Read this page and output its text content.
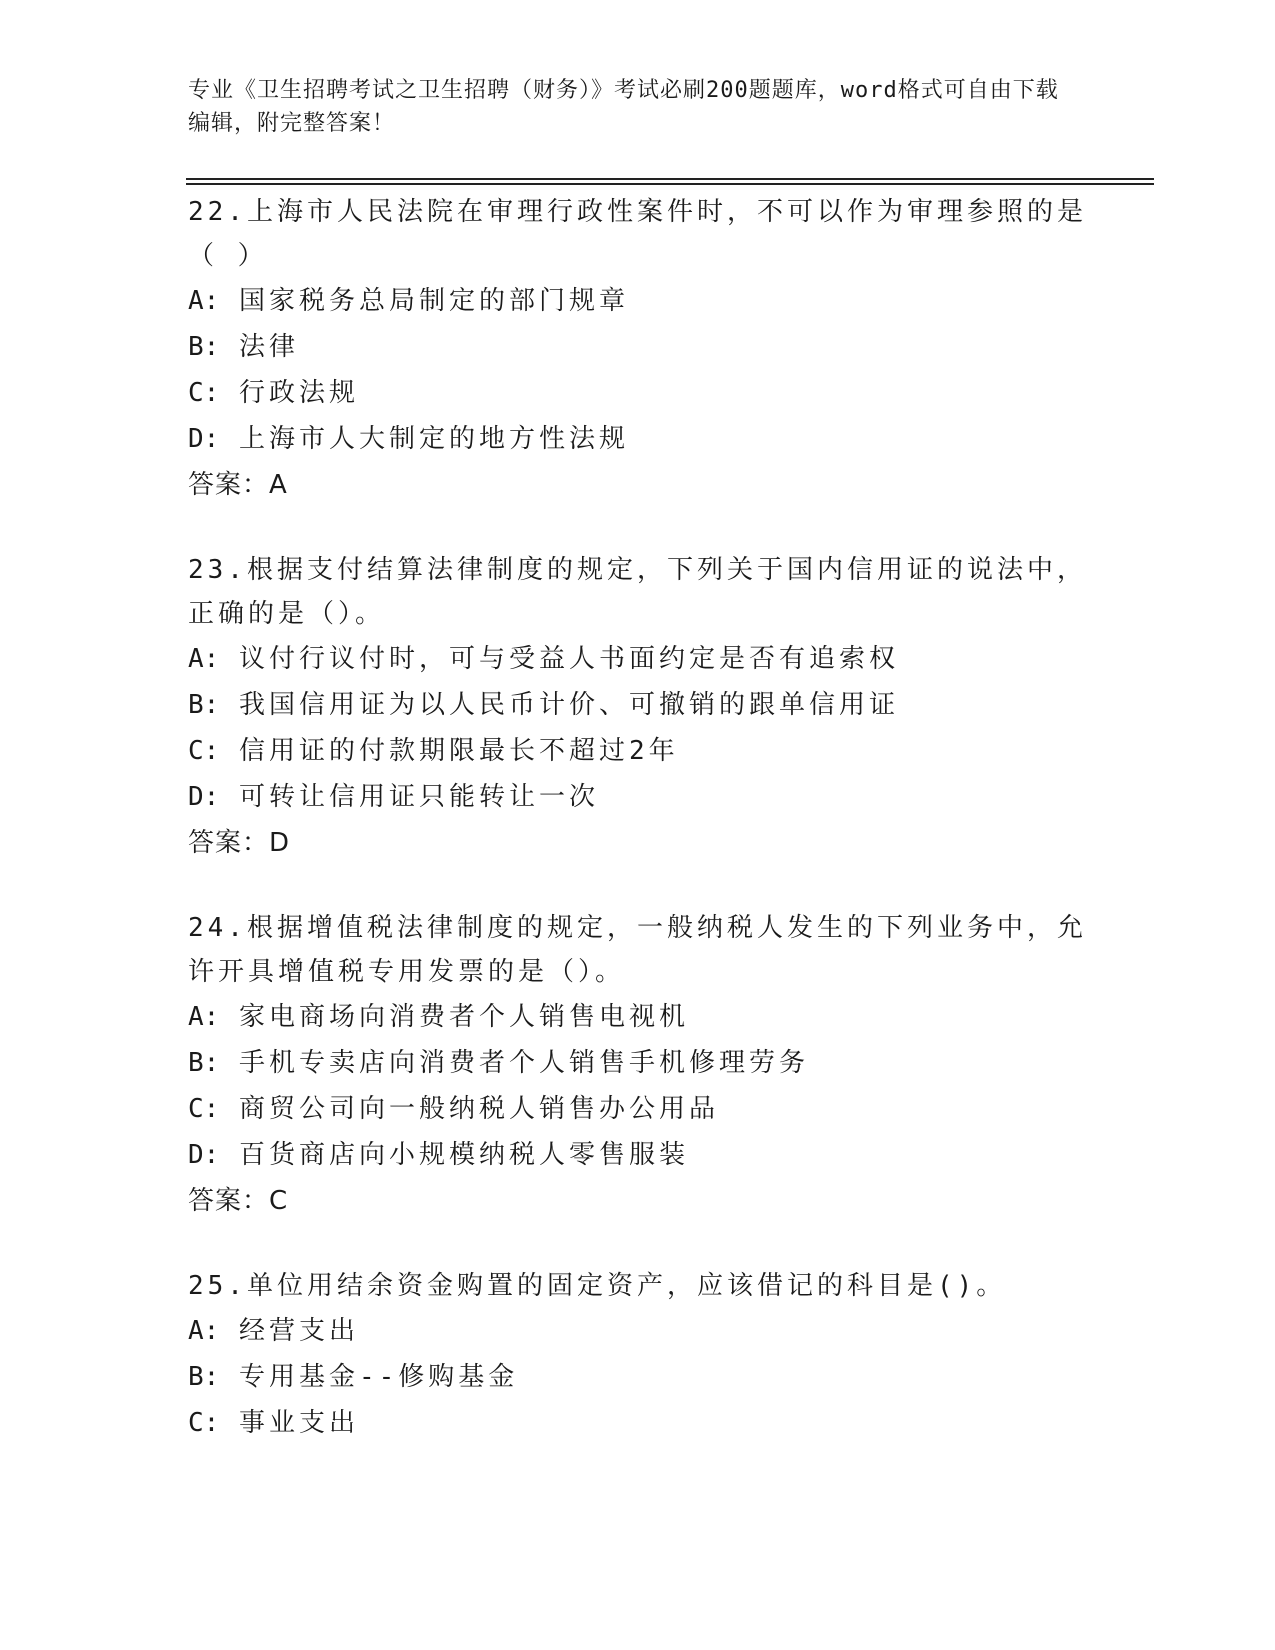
专业《卫生招聘考试之卫生招聘（财务）》考试必刷200题题库，word格式可自由下载编辑，附完整答案！
22.上海市人民法院在审理行政性案件时，不可以作为审理参照的是（ ）
A: 国家税务总局制定的部门规章
B: 法律
C: 行政法规
D: 上海市人大制定的地方性法规
答案：A
23.根据支付结算法律制度的规定，下列关于国内信用证的说法中，正确的是（）。
A: 议付行议付时，可与受益人书面约定是否有追索权
B: 我国信用证为以人民币计价、可撤销的跟单信用证
C: 信用证的付款期限最长不超过2年
D: 可转让信用证只能转让一次
答案：D
24.根据增值税法律制度的规定，一般纳税人发生的下列业务中，允许开具增值税专用发票的是（）。
A: 家电商场向消费者个人销售电视机
B: 手机专卖店向消费者个人销售手机修理劳务
C: 商贸公司向一般纳税人销售办公用品
D: 百货商店向小规模纳税人零售服装
答案：C
25.单位用结余资金购置的固定资产，应该借记的科目是()。
A: 经营支出
B: 专用基金--修购基金
C: 事业支出
